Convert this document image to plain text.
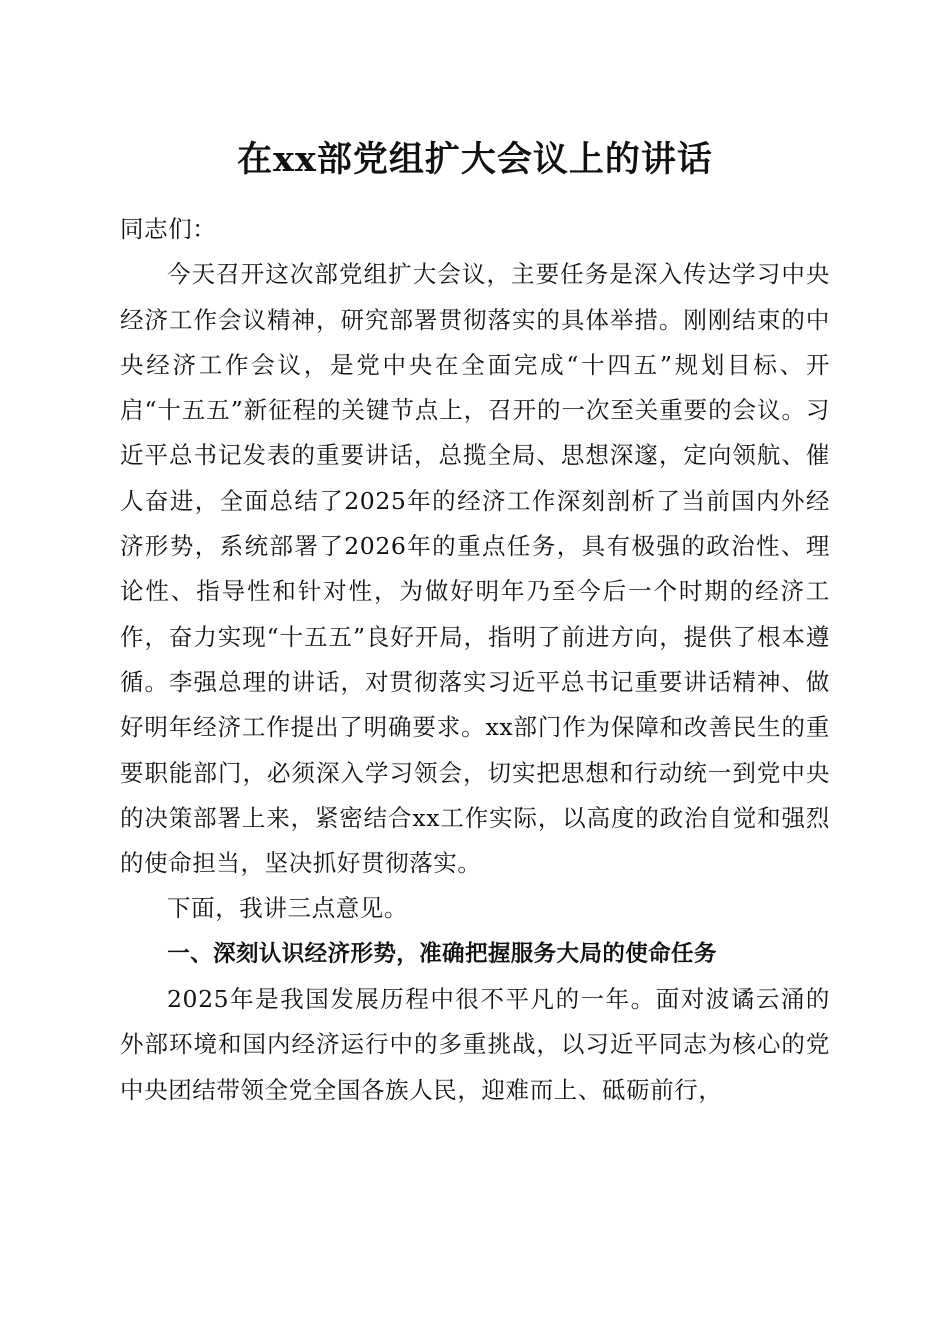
在xx部党组扩大会议上的讲话

同志们：

今天召开这次部党组扩大会议，主要任务是深入传达学习中央经济工作会议精神，研究部署贯彻落实的具体举措。刚刚结束的中央经济工作会议，是党中央在全面完成“十四五”规划目标、开启“十五五”新征程的关键节点上，召开的一次至关重要的会议。习近平总书记发表的重要讲话，总揽全局、思想深邃，定向领航、催人奋进，全面总结了2025年的经济工作深刻剖析了当前国内外经济形势，系统部署了2026年的重点任务，具有极强的政治性、理论性、指导性和针对性，为做好明年乃至今后一个时期的经济工作，奋力实现“十五五”良好开局，指明了前进方向，提供了根本遵循。李强总理的讲话，对贯彻落实习近平总书记重要讲话精神、做好明年经济工作提出了明确要求。xx部门作为保障和改善民生的重要职能部门，必须深入学习领会，切实把思想和行动统一到党中央的决策部署上来，紧密结合xx工作实际，以高度的政治自觉和强烈的使命担当，坚决抓好贯彻落实。

下面，我讲三点意见。

一、深刻认识经济形势，准确把握服务大局的使命任务

2025年是我国发展历程中很不平凡的一年。面对波谲云涌的外部环境和国内经济运行中的多重挑战，以习近平同志为核心的党中央团结带领全党全国各族人民，迎难而上、砥砺前行，
